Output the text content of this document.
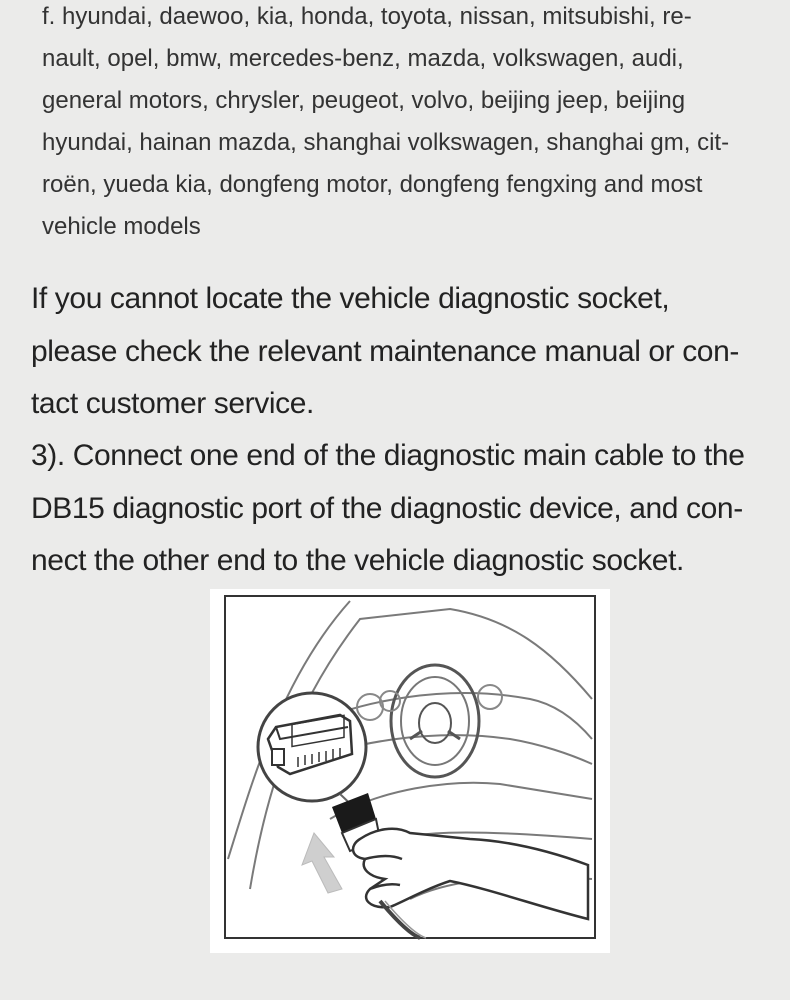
f. hyundai, daewoo, kia, honda, toyota, nissan, mitsubishi, re-
nault, opel, bmw, mercedes-benz, mazda, volkswagen, audi,
general motors, chrysler, peugeot, volvo, beijing jeep, beijing
hyundai, hainan mazda, shanghai volkswagen, shanghai gm, cit-
roën, yueda kia, dongfeng motor, dongfeng fengxing and most
vehicle models
If you cannot locate the vehicle diagnostic socket,
please check the relevant maintenance manual or con-
tact customer service.
3). Connect one end of the diagnostic main cable to the
DB15 diagnostic port of the diagnostic device, and con-
nect the other end to the vehicle diagnostic socket.
